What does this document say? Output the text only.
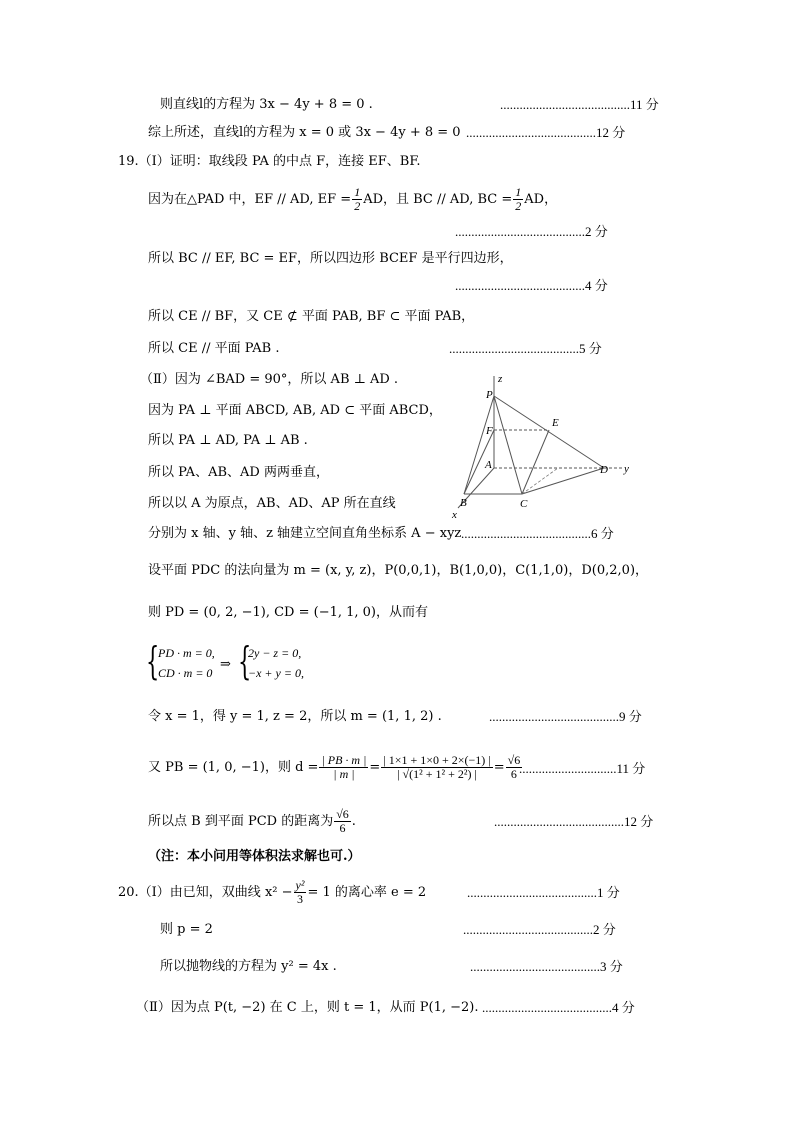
则直线l的方程为 3x − 4y + 8 = 0 .	........................................11 分
综上所述，直线l的方程为 x = 0 或 3x − 4y + 8 = 0 ........................................12 分
19.（Ⅰ）证明：取线段 PA 的中点 F，连接 EF、BF.
因为在△PAD 中，EF // AD, EF = $\frac{1}{2}$ AD，且 BC // AD, BC = $\frac{1}{2}$ AD，
........................................2 分
所以 BC // EF, BC = EF，所以四边形 BCEF 是平行四边形，
........................................4 分
所以 CE // BF，又 CE ⊄ 平面 PAB, BF ⊂ 平面 PAB，
所以 CE // 平面 PAB .	........................................5 分
（Ⅱ）因为 ∠BAD = 90°，所以 AB ⊥ AD .
因为 PA ⊥ 平面 ABCD, AB, AD ⊂ 平面 ABCD，
所以 PA ⊥ AD, PA ⊥ AB .
所以 PA、AB、AD 两两垂直，
所以以 A 为原点，AB、AD、AP 所在直线
分别为 x 轴、y 轴、z 轴建立空间直角坐标系 A − xyz ........................................6 分
P
E
F
A
B	C
D
x
y
z
设平面 PDC 的法向量为 m = (x, y, z)，P(0,0,1)，B(1,0,0)，C(1,1,0)，D(0,2,0)，
则 PD = (0, 2, −1), CD = (−1, 1, 0)，从而有
{
PD · m = 0,
CD · m = 0
⇒ {
2y − z = 0,
−x + y = 0,
令 x = 1，得 y = 1, z = 2，所以 m = (1, 1, 2) .	........................................9 分
又 PB = (1, 0, −1)，则 $d = \frac{| PB \cdot m |}{| m |} = \frac{| 1\times 1 + 1\times 0 + 2\times(-1) |}{\text{| √(1² + 1² + 2²) |}} = \frac{√6}{6}$
..............................11 分
所以点 B 到平面 PCD 的距离为 $\frac{√6}{6}$ .	........................................12 分
（注：本小问用等体积法求解也可.）
20.（Ⅰ）由已知，双曲线 $x^2 - \frac{\text{y²}}{3} = 1$ 的离心率 e = 2	........................................1 分
则 p = 2	........................................2 分
所以抛物线的方程为 y² = 4x .	........................................3 分
（Ⅱ）因为点 P(t, −2) 在 C 上，则 t = 1，从而 P(1, −2). ........................................4 分
